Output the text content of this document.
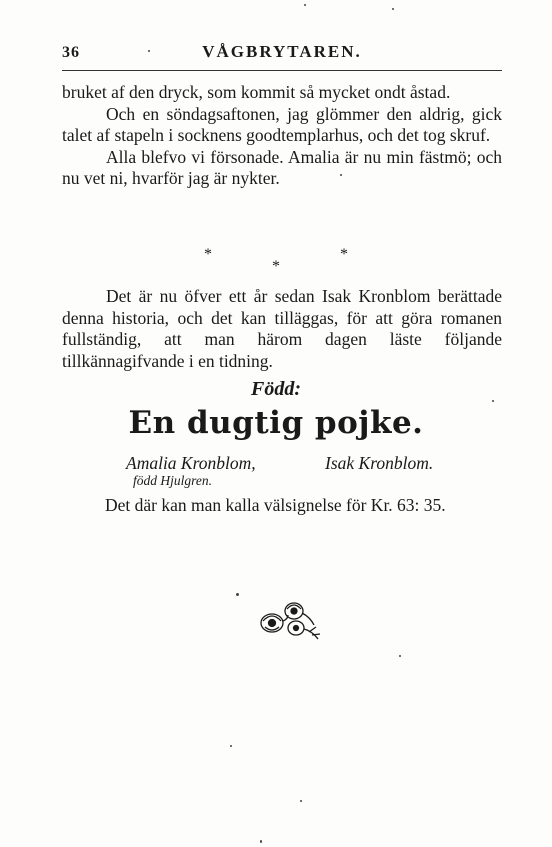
36	VÅGBRYTAREN.

bruket af den dryck, som kommit så mycket ondt åstad.

Och en söndagsaftonen, jag glömmer den aldrig, gick talet af stapeln i socknens goodtemplarhus, och det tog skruf.

Alla blefvo vi försonade. Amalia är nu min fästmö; och nu vet ni, hvarför jag är nykter.

* *
*

Det är nu öfver ett år sedan Isak Kronblom berättade denna historia, och det kan tilläggas, för att göra romanen fullständig, att man härom dagen läste följande tillkännagifvande i en tidning.

Född:
En dugtig pojke.
Amalia Kronblom,	Isak Kronblom.
född Hjulgren.
Det där kan man kalla välsignelse för Kr. 63: 35.
